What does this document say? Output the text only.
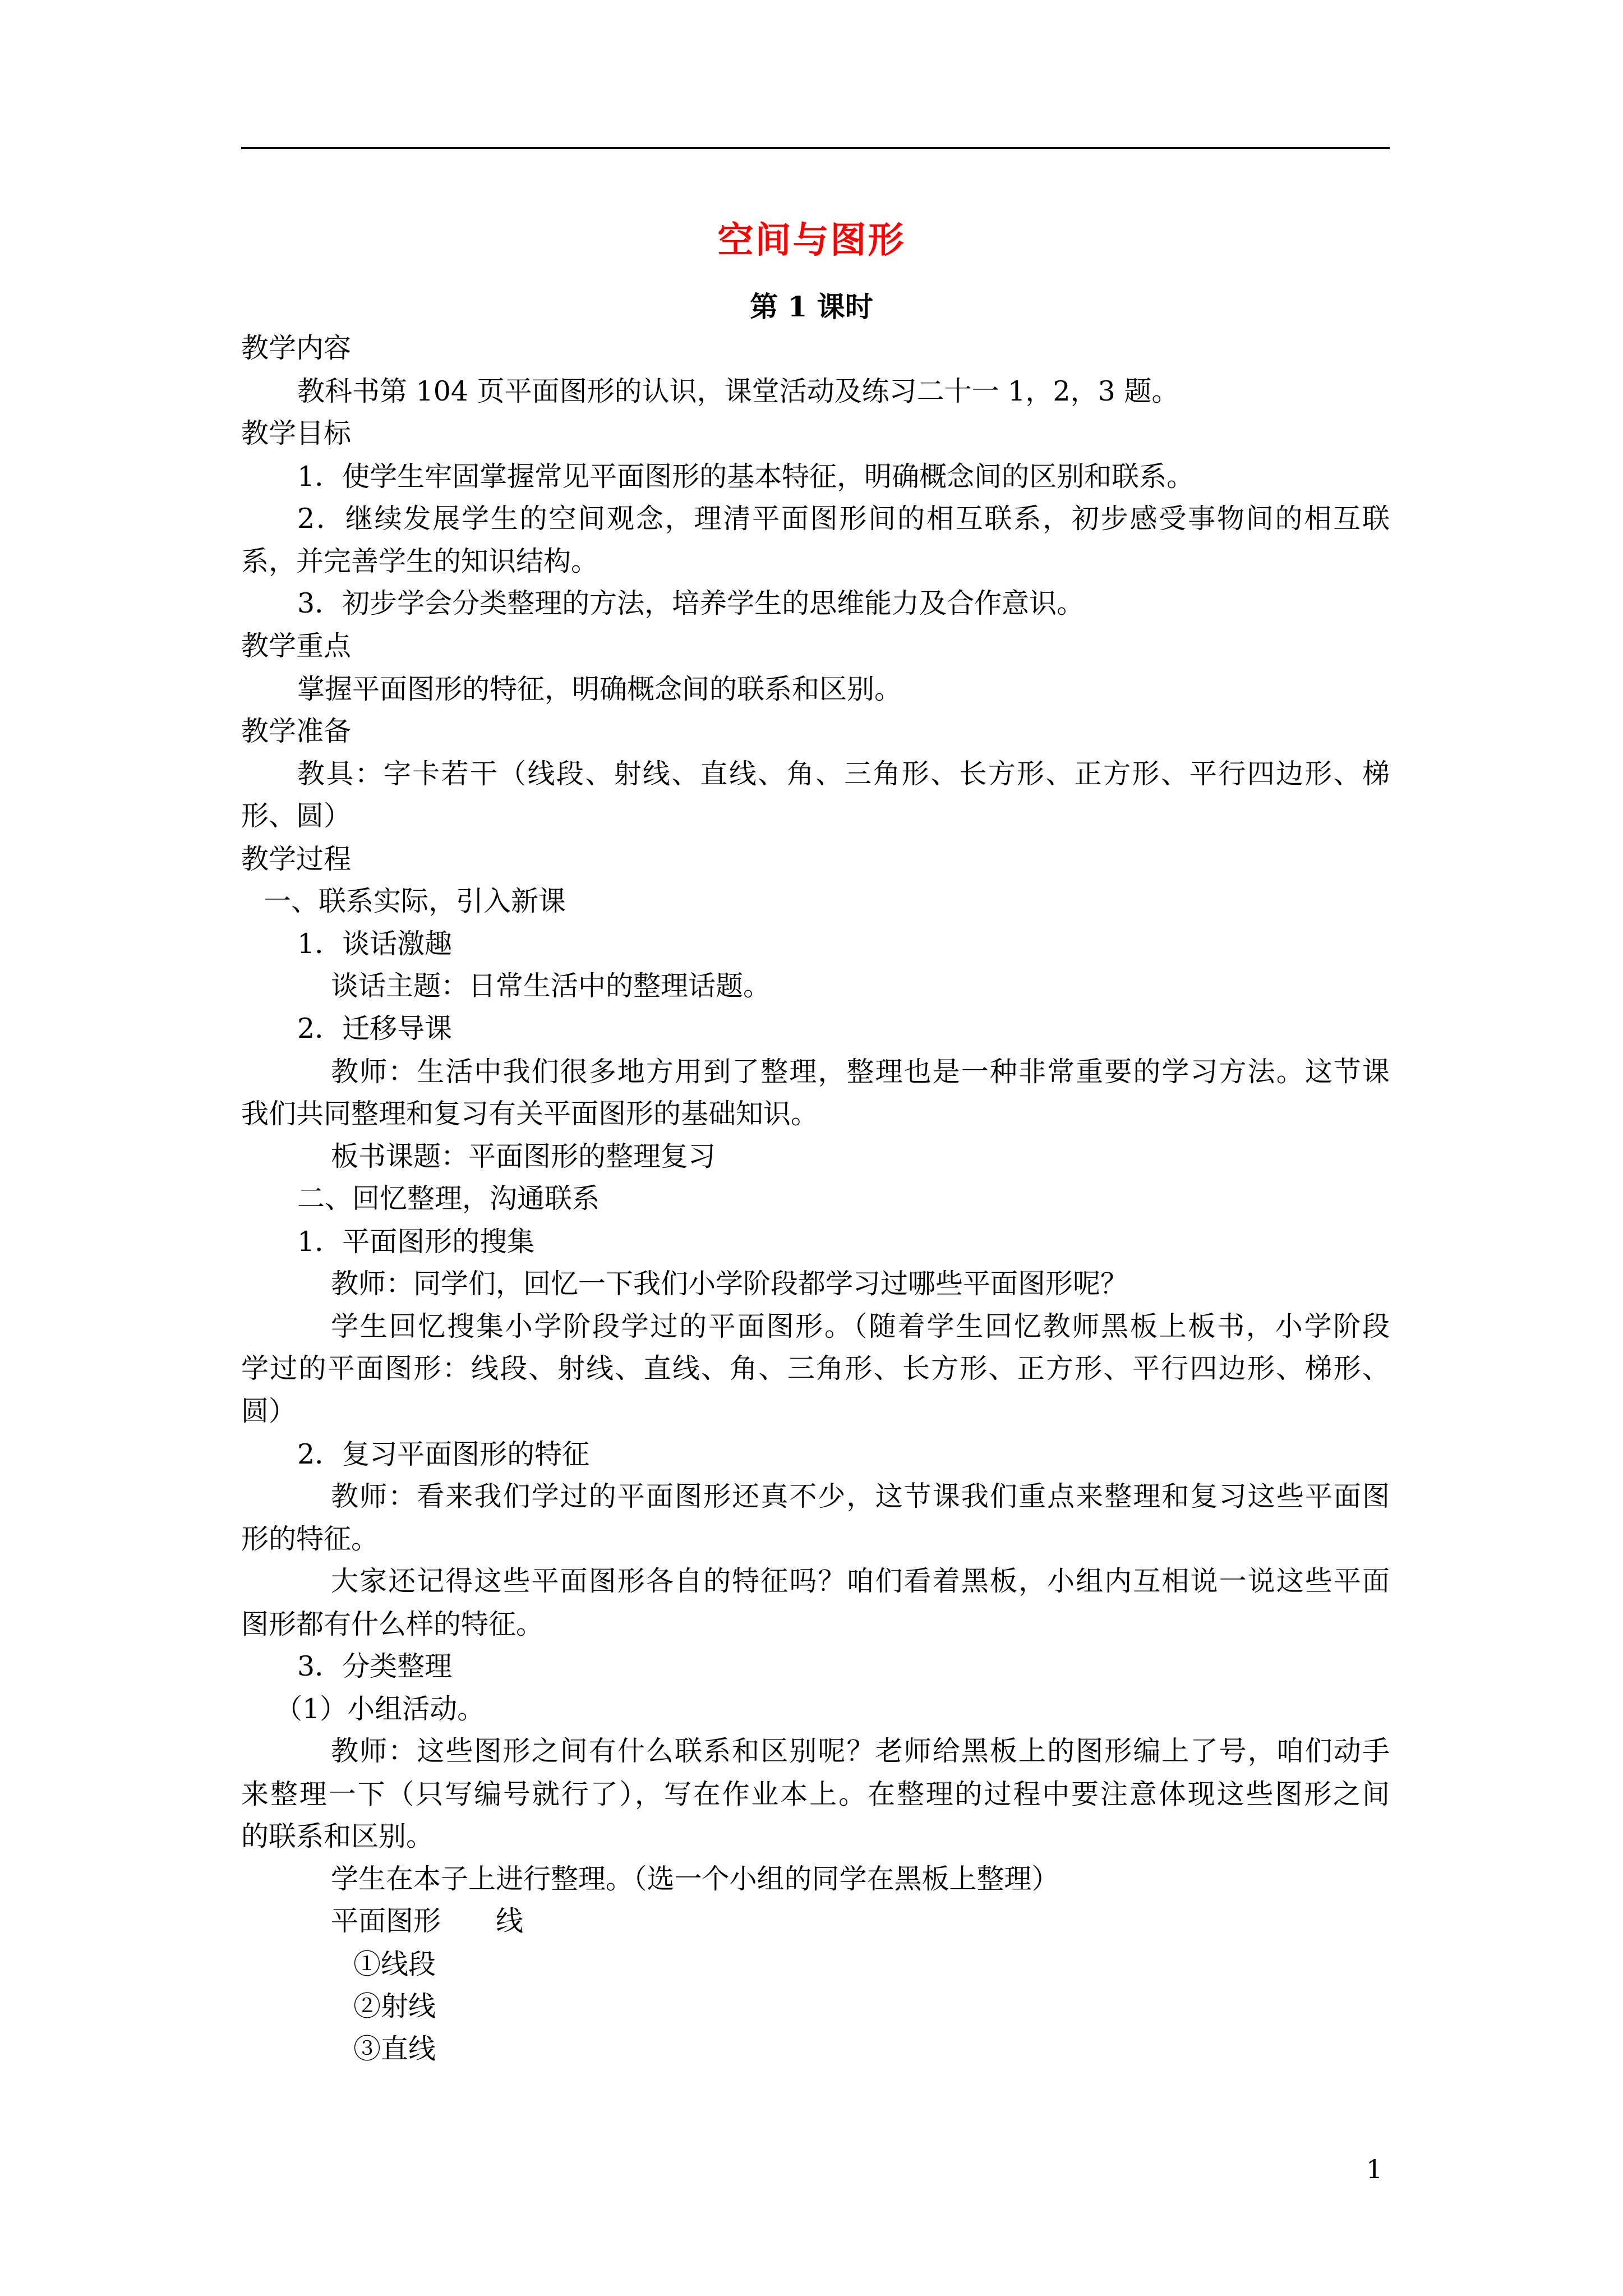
空间与图形
第 1 课时
教学内容
教科书第 104 页平面图形的认识，课堂活动及练习二十一 1，2，3 题。
教学目标
1．使学生牢固掌握常见平面图形的基本特征，明确概念间的区别和联系。
2．继续发展学生的空间观念，理清平面图形间的相互联系，初步感受事物间的相互联
系，并完善学生的知识结构。
3．初步学会分类整理的方法，培养学生的思维能力及合作意识。
教学重点
掌握平面图形的特征，明确概念间的联系和区别。
教学准备
教具：字卡若干（线段、射线、直线、角、三角形、长方形、正方形、平行四边形、梯
形、圆）
教学过程
一、联系实际，引入新课
1．谈话激趣
谈话主题：日常生活中的整理话题。
2．迁移导课
教师：生活中我们很多地方用到了整理，整理也是一种非常重要的学习方法。这节课
我们共同整理和复习有关平面图形的基础知识。
板书课题：平面图形的整理复习
二、回忆整理，沟通联系
1．平面图形的搜集
教师：同学们，回忆一下我们小学阶段都学习过哪些平面图形呢？
学生回忆搜集小学阶段学过的平面图形。（随着学生回忆教师黑板上板书，小学阶段
学过的平面图形：线段、射线、直线、角、三角形、长方形、正方形、平行四边形、梯形、
圆）
2．复习平面图形的特征
教师：看来我们学过的平面图形还真不少，这节课我们重点来整理和复习这些平面图
形的特征。
大家还记得这些平面图形各自的特征吗？咱们看着黑板，小组内互相说一说这些平面
图形都有什么样的特征。
3．分类整理
（1）小组活动。
教师：这些图形之间有什么联系和区别呢？老师给黑板上的图形编上了号，咱们动手
来整理一下（只写编号就行了），写在作业本上。在整理的过程中要注意体现这些图形之间
的联系和区别。
学生在本子上进行整理。（选一个小组的同学在黑板上整理）
平面图形　　线
①线段
②射线
③直线
1
